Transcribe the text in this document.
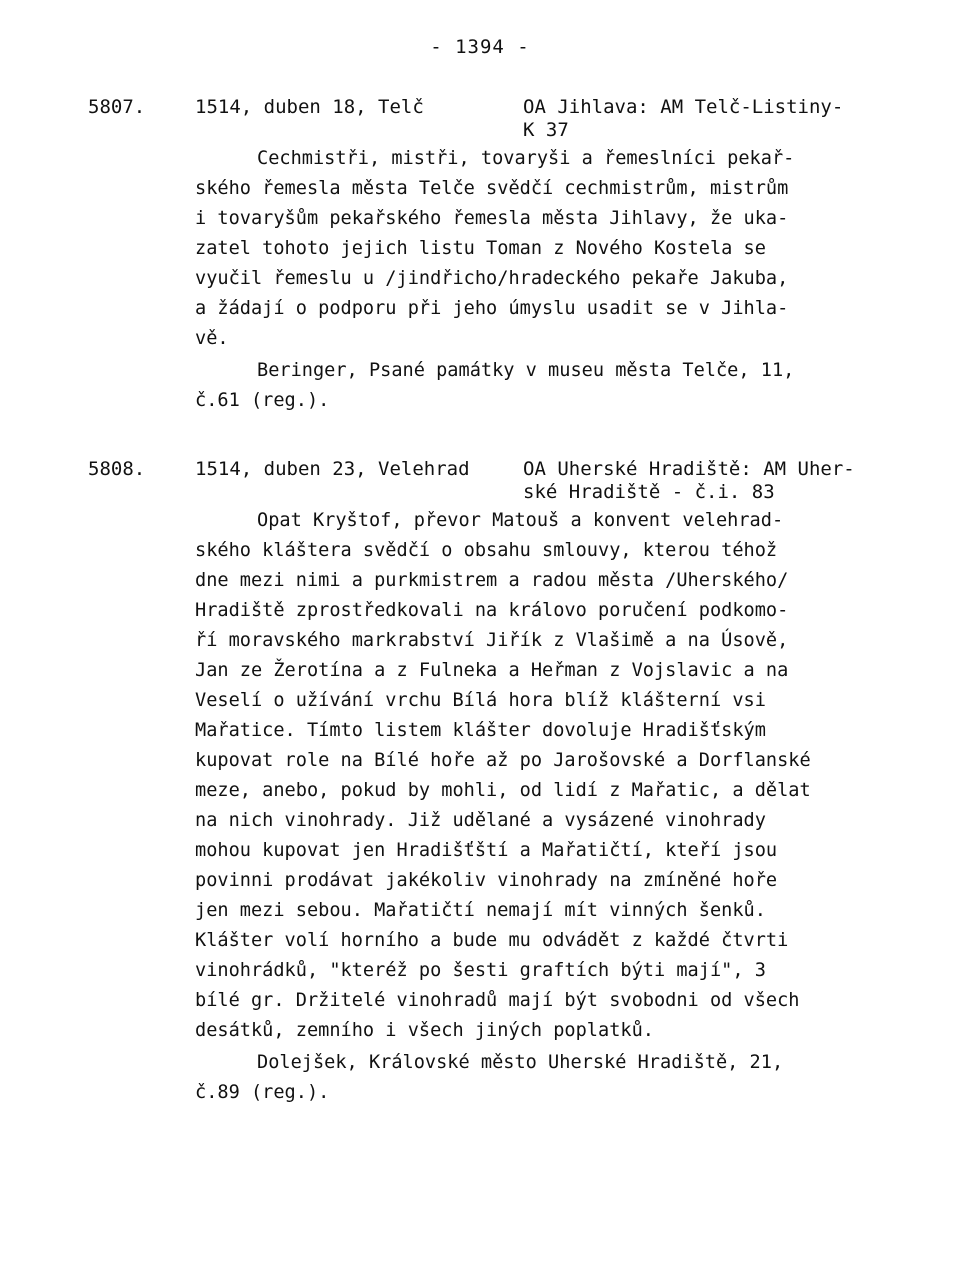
- 1394 -
5807.	1514, duben 18, Telč	OA Jihlava: AM Telč-Listiny-
K 37
Cechmistři, mistři, tovaryši a řemeslníci pekař-
ského řemesla města Telče svědčí cechmistrům, mistrům
i tovaryšům pekařského řemesla města Jihlavy, že uka-
zatel tohoto jejich listu Toman z Nového Kostela se
vyučil řemeslu u /jindřicho/hradeckého pekaře Jakuba,
a žádají o podporu při jeho úmyslu usadit se v Jihla-
vě.
Beringer, Psané památky v museu města Telče, 11,
č.61 (reg.).
5808.	1514, duben 23, Velehrad	OA Uherské Hradiště: AM Uher-
ské Hradiště - č.i. 83
Opat Kryštof, převor Matouš a konvent velehrad-
ského kláštera svědčí o obsahu smlouvy, kterou téhož
dne mezi nimi a purkmistrem a radou města /Uherského/
Hradiště zprostředkovali na královo poručení podkomo-
ří moravského markrabství Jiřík z Vlašimě a na Úsově,
Jan ze Žerotína a z Fulneka a Heřman z Vojslavic a na
Veselí o užívání vrchu Bílá hora blíž klášterní vsi
Mařatice. Tímto listem klášter dovoluje Hradišťským
kupovat role na Bílé hoře až po Jarošovské a Dorflanské
meze, anebo, pokud by mohli, od lidí z Mařatic, a dělat
na nich vinohrady. Již udělané a vysázené vinohrady
mohou kupovat jen Hradišťští a Mařatičtí, kteří jsou
povinni prodávat jakékoliv vinohrady na zmíněné hoře
jen mezi sebou. Mařatičtí nemají mít vinných šenků.
Klášter volí horního a bude mu odvádět z každé čtvrti
vinohrádků, "kteréž po šesti graftích býti mají", 3
bílé gr. Držitelé vinohradů mají být svobodni od všech
desátků, zemního i všech jiných poplatků.
Dolejšek, Královské město Uherské Hradiště, 21,
č.89 (reg.).
